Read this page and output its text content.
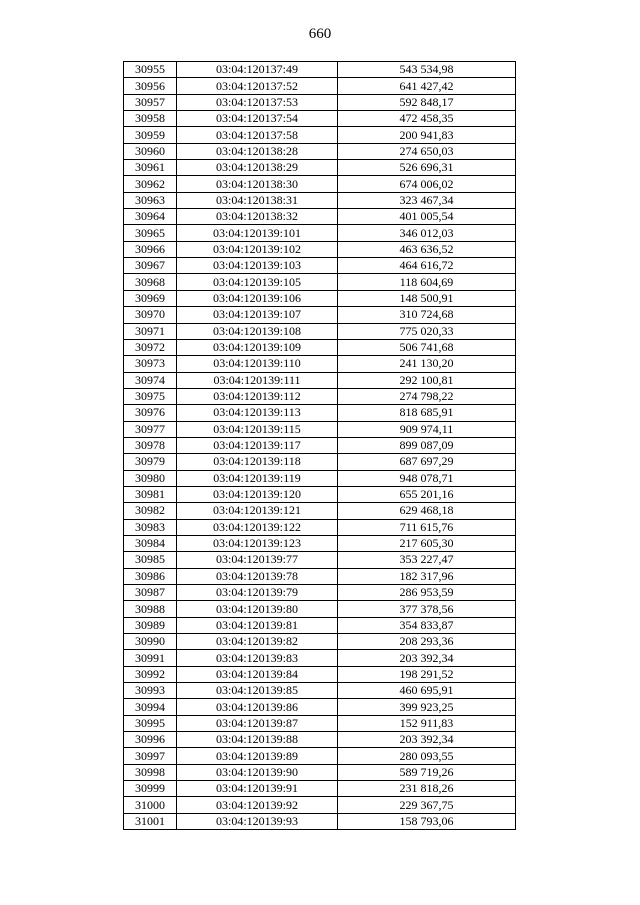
660
30955	03:04:120137:49	543 534,98
30956	03:04:120137:52	641 427,42
30957	03:04:120137:53	592 848,17
30958	03:04:120137:54	472 458,35
30959	03:04:120137:58	200 941,83
30960	03:04:120138:28	274 650,03
30961	03:04:120138:29	526 696,31
30962	03:04:120138:30	674 006,02
30963	03:04:120138:31	323 467,34
30964	03:04:120138:32	401 005,54
30965	03:04:120139:101	346 012,03
30966	03:04:120139:102	463 636,52
30967	03:04:120139:103	464 616,72
30968	03:04:120139:105	118 604,69
30969	03:04:120139:106	148 500,91
30970	03:04:120139:107	310 724,68
30971	03:04:120139:108	775 020,33
30972	03:04:120139:109	506 741,68
30973	03:04:120139:110	241 130,20
30974	03:04:120139:111	292 100,81
30975	03:04:120139:112	274 798,22
30976	03:04:120139:113	818 685,91
30977	03:04:120139:115	909 974,11
30978	03:04:120139:117	899 087,09
30979	03:04:120139:118	687 697,29
30980	03:04:120139:119	948 078,71
30981	03:04:120139:120	655 201,16
30982	03:04:120139:121	629 468,18
30983	03:04:120139:122	711 615,76
30984	03:04:120139:123	217 605,30
30985	03:04:120139:77	353 227,47
30986	03:04:120139:78	182 317,96
30987	03:04:120139:79	286 953,59
30988	03:04:120139:80	377 378,56
30989	03:04:120139:81	354 833,87
30990	03:04:120139:82	208 293,36
30991	03:04:120139:83	203 392,34
30992	03:04:120139:84	198 291,52
30993	03:04:120139:85	460 695,91
30994	03:04:120139:86	399 923,25
30995	03:04:120139:87	152 911,83
30996	03:04:120139:88	203 392,34
30997	03:04:120139:89	280 093,55
30998	03:04:120139:90	589 719,26
30999	03:04:120139:91	231 818,26
31000	03:04:120139:92	229 367,75
31001	03:04:120139:93	158 793,06
